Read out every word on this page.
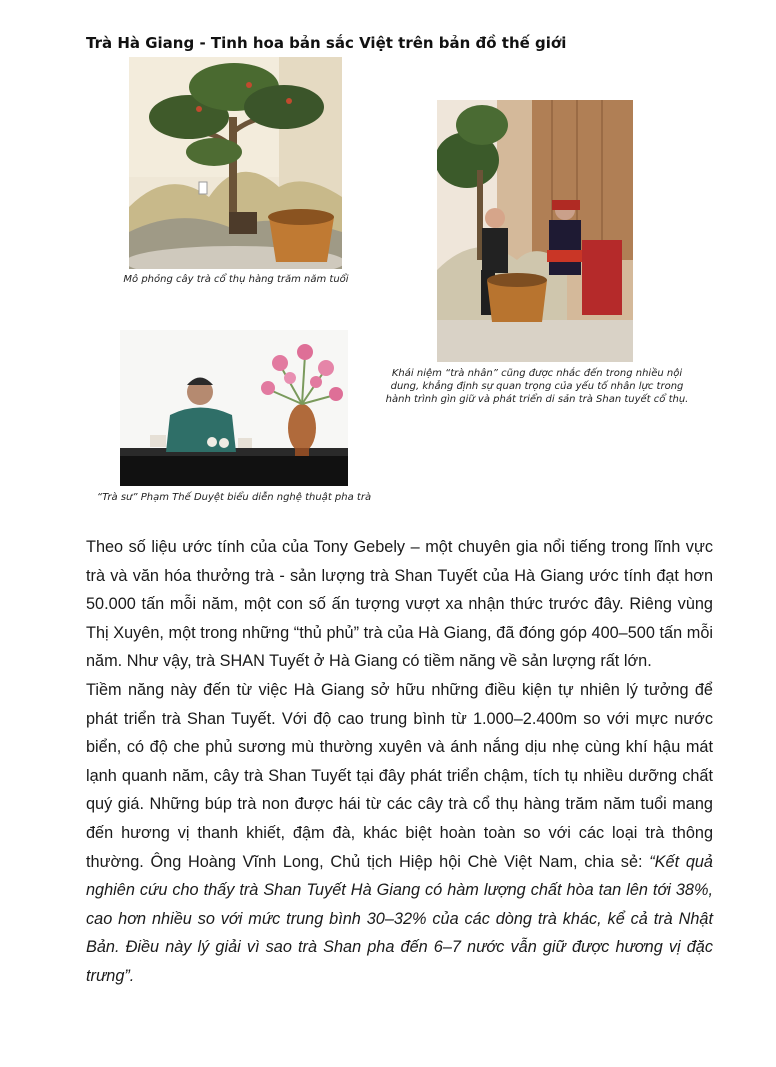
Trà Hà Giang - Tinh hoa bản sắc Việt trên bản đồ thế giới
Mô phỏng cây trà cổ thụ hàng trăm năm tuổi
Khái niệm “trà nhân” cũng được nhắc đến trong nhiều nội dung, khẳng định sự quan trọng của yếu tố nhân lực trong hành trình gìn giữ và phát triển di sản trà Shan tuyết cổ thụ.
“Trà sư” Phạm Thế Duyệt biểu diễn nghệ thuật pha trà

Theo số liệu ước tính của của Tony Gebely – một chuyên gia nổi tiếng trong lĩnh vực trà và văn hóa thưởng trà - sản lượng trà Shan Tuyết của Hà Giang ước tính đạt hơn 50.000 tấn mỗi năm, một con số ấn tượng vượt xa nhận thức trước đây. Riêng vùng Thị Xuyên, một trong những “thủ phủ” trà của Hà Giang, đã đóng góp 400–500 tấn mỗi năm. Như vậy, trà SHAN Tuyết ở Hà Giang có tiềm năng về sản lượng rất lớn.

Tiềm năng này đến từ việc Hà Giang sở hữu những điều kiện tự nhiên lý tưởng để phát triển trà Shan Tuyết. Với độ cao trung bình từ 1.000–2.400m so với mực nước biển, có độ che phủ sương mù thường xuyên và ánh nắng dịu nhẹ cùng khí hậu mát lạnh quanh năm, cây trà Shan Tuyết tại đây phát triển chậm, tích tụ nhiều dưỡng chất quý giá. Những búp trà non được hái từ các cây trà cổ thụ hàng trăm năm tuổi mang đến hương vị thanh khiết, đậm đà, khác biệt hoàn toàn so với các loại trà thông thường. Ông Hoàng Vĩnh Long, Chủ tịch Hiệp hội Chè Việt Nam, chia sẻ: “Kết quả nghiên cứu cho thấy trà Shan Tuyết Hà Giang có hàm lượng chất hòa tan lên tới 38%, cao hơn nhiều so với mức trung bình 30–32% của các dòng trà khác, kể cả trà Nhật Bản. Điều này lý giải vì sao trà Shan pha đến 6–7 nước vẫn giữ được hương vị đặc trưng”.
